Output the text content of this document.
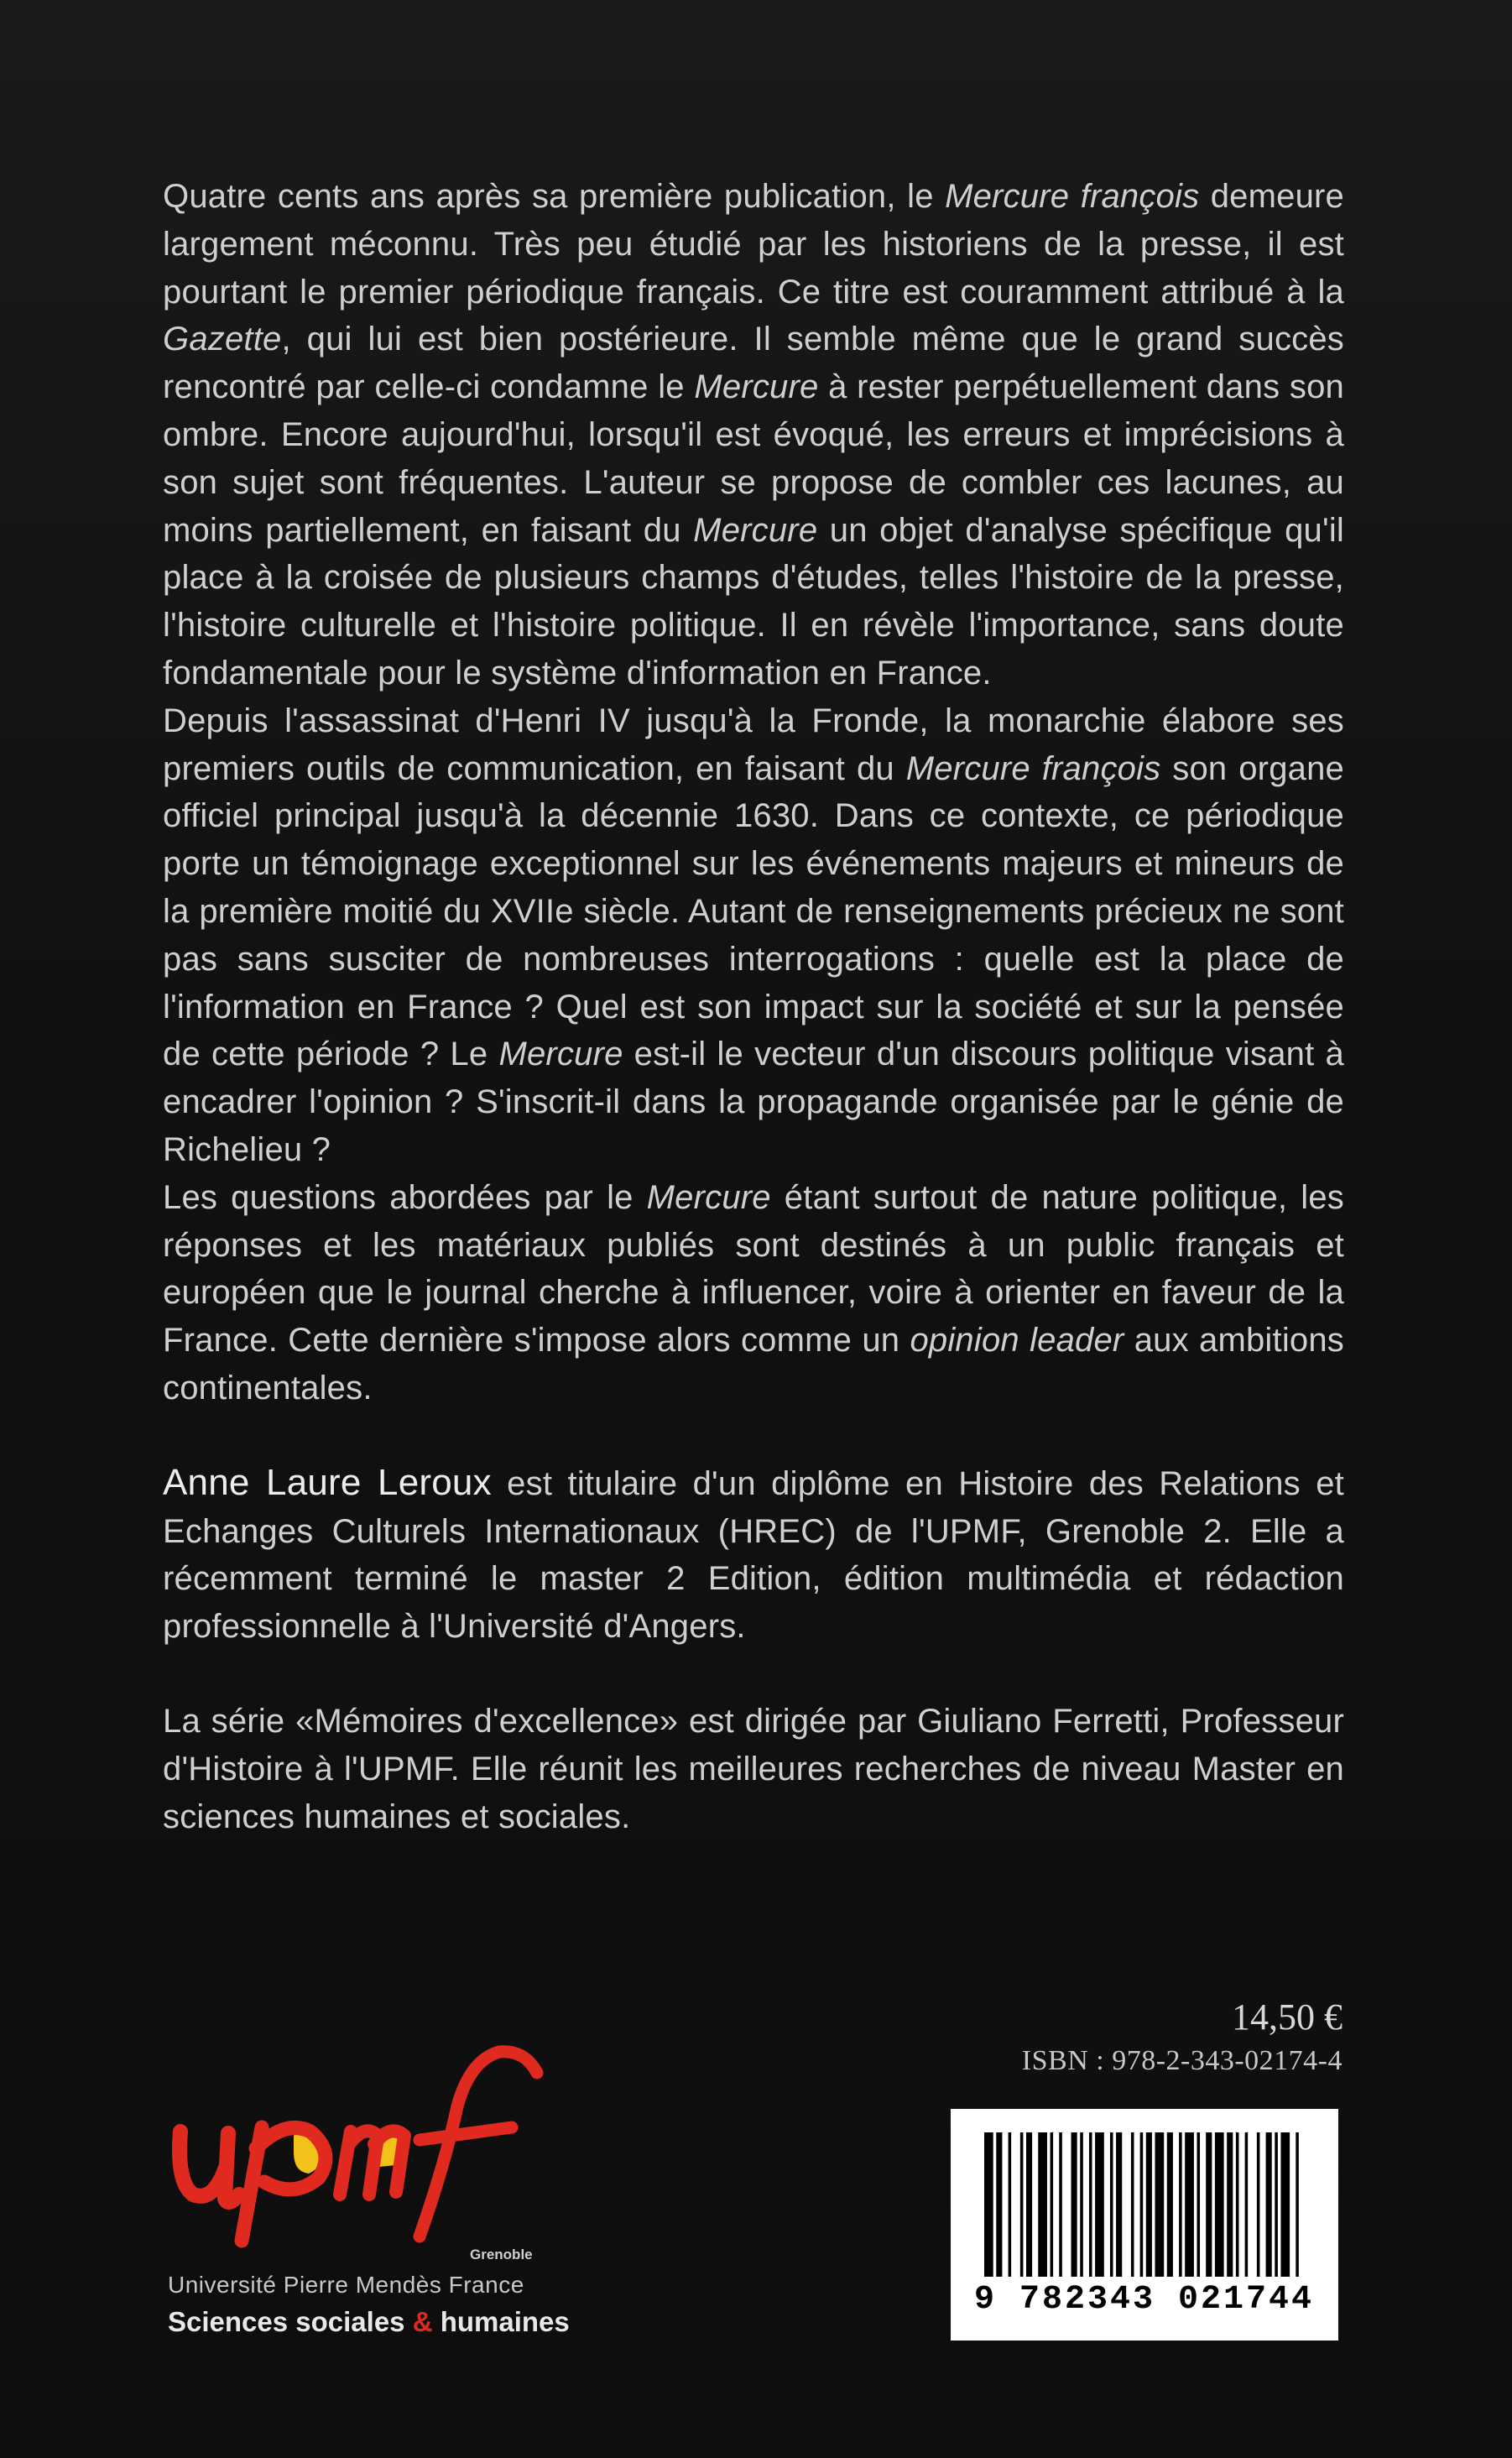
Quatre cents ans après sa première publication, le Mercure françois demeure largement méconnu. Très peu étudié par les historiens de la presse, il est pourtant le premier périodique français. Ce titre est couramment attribué à la Gazette, qui lui est bien postérieure. Il semble même que le grand succès rencontré par celle-ci condamne le Mercure à rester perpétuellement dans son ombre. Encore aujourd'hui, lorsqu'il est évoqué, les erreurs et imprécisions à son sujet sont fréquentes. L'auteur se propose de combler ces lacunes, au moins partiellement, en faisant du Mercure un objet d'analyse spécifique qu'il place à la croisée de plusieurs champs d'études, telles l'histoire de la presse, l'histoire culturelle et l'histoire politique. Il en révèle l'importance, sans doute fondamentale pour le système d'information en France.

Depuis l'assassinat d'Henri IV jusqu'à la Fronde, la monarchie élabore ses premiers outils de communication, en faisant du Mercure françois son organe officiel principal jusqu'à la décennie 1630. Dans ce contexte, ce périodique porte un témoignage exceptionnel sur les événements majeurs et mineurs de la première moitié du XVIIe siècle. Autant de renseignements précieux ne sont pas sans susciter de nombreuses interrogations : quelle est la place de l'information en France ? Quel est son impact sur la société et sur la pensée de cette période ? Le Mercure est-il le vecteur d'un discours politique visant à encadrer l'opinion ? S'inscrit-il dans la propagande organisée par le génie de Richelieu ?

Les questions abordées par le Mercure étant surtout de nature politique, les réponses et les matériaux publiés sont destinés à un public français et européen que le journal cherche à influencer, voire à orienter en faveur de la France. Cette dernière s'impose alors comme un opinion leader aux ambitions continentales.

Anne Laure Leroux est titulaire d'un diplôme en Histoire des Relations et Echanges Culturels Internationaux (HREC) de l'UPMF, Grenoble 2. Elle a récemment terminé le master 2 Edition, édition multimédia et rédaction professionnelle à l'Université d'Angers.

La série «Mémoires d'excellence» est dirigée par Giuliano Ferretti, Professeur d'Histoire à l'UPMF. Elle réunit les meilleures recherches de niveau Master en sciences humaines et sociales.

14,50 €
ISBN : 978-2-343-02174-4
9 782343 021744
Grenoble
Université Pierre Mendès France
Sciences sociales & humaines
